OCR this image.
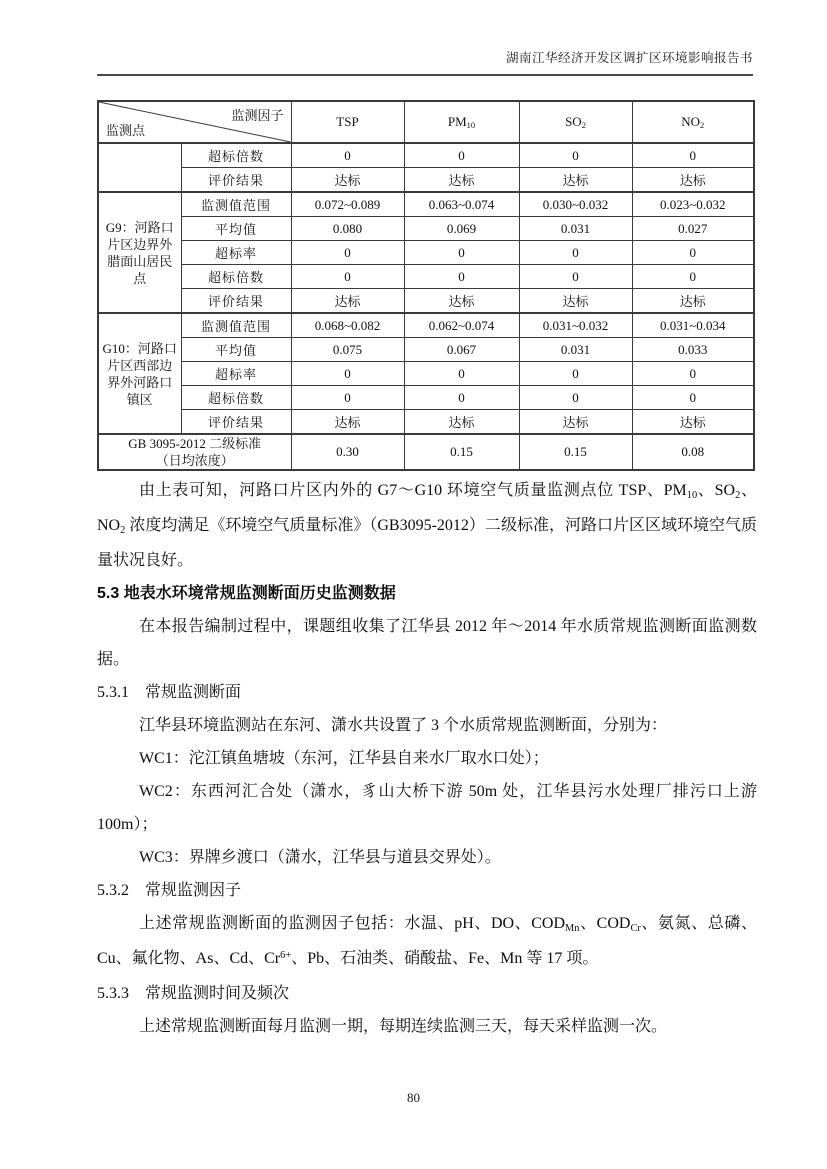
湖南江华经济开发区调扩区环境影响报告书
监测因子
监测点		TSP	PM10	SO2	NO2
	超标倍数	0	0	0	0
	评价结果	达标	达标	达标	达标
G9：河路口片区边界外腊面山居民点	监测值范围	0.072~0.089	0.063~0.074	0.030~0.032	0.023~0.032
	平均值	0.080	0.069	0.031	0.027
	超标率	0	0	0	0
	超标倍数	0	0	0	0
	评价结果	达标	达标	达标	达标
G10：河路口片区西部边界外河路口镇区	监测值范围	0.068~0.082	0.062~0.074	0.031~0.032	0.031~0.034
	平均值	0.075	0.067	0.031	0.033
	超标率	0	0	0	0
	超标倍数	0	0	0	0
	评价结果	达标	达标	达标	达标

GB 3095-2012 二级标准
（日均浓度）		0.30	0.15	0.15	0.08
由上表可知，河路口片区内外的 G7～G10 环境空气质量监测点位 TSP、PM10、SO2、NO2 浓度均满足《环境空气质量标准》（GB3095-2012）二级标准，河路口片区区域环境空气质量状况良好。
5.3 地表水环境常规监测断面历史监测数据
在本报告编制过程中，课题组收集了江华县 2012 年～2014 年水质常规监测断面监测数据。
5.3.1　常规监测断面
江华县环境监测站在东河、潇水共设置了 3 个水质常规监测断面，分别为：
WC1：沱江镇鱼塘坡（东河，江华县自来水厂取水口处）；
WC2：东西河汇合处（潇水，豸山大桥下游 50m 处，江华县污水处理厂排污口上游 100m）；
WC3：界牌乡渡口（潇水，江华县与道县交界处）。
5.3.2　常规监测因子
上述常规监测断面的监测因子包括：水温、pH、DO、CODMn、CODCr、氨氮、总磷、Cu、氟化物、As、Cd、$Cr^{6+}$、Pb、石油类、硝酸盐、Fe、Mn 等 17 项。
5.3.3　常规监测时间及频次
上述常规监测断面每月监测一期，每期连续监测三天，每天采样监测一次。
80
